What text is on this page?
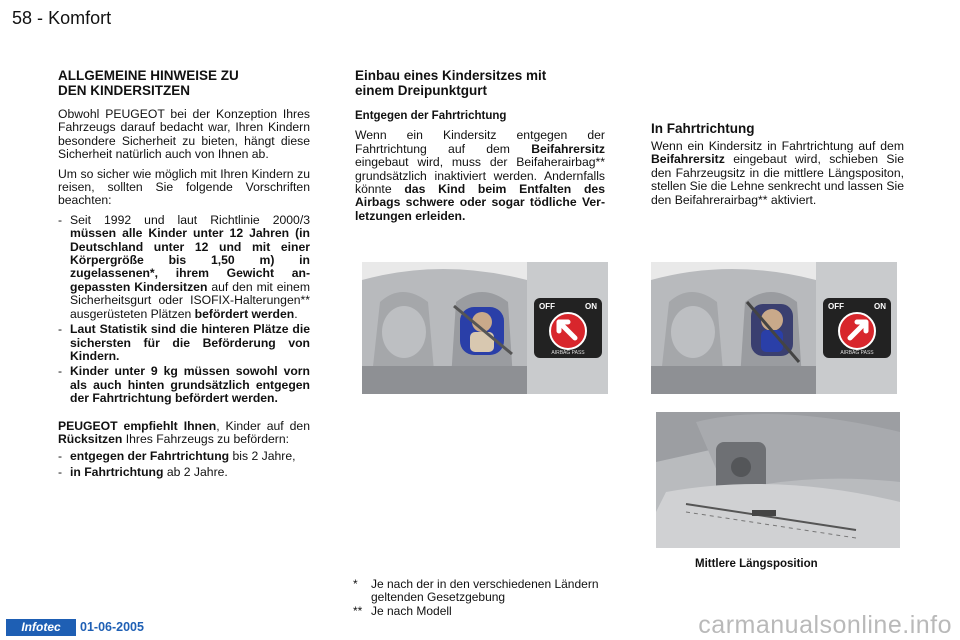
58 - Komfort
ALLGEMEINE HINWEISE ZU
DEN KINDERSITZEN

Obwohl PEUGEOT bei der Konzeption Ihres Fahrzeugs darauf bedacht war, Ihren Kindern besondere Sicherheit zu bieten, hängt diese Sicherheit natürlich auch von Ihnen ab.

Um so sicher wie möglich mit Ihren Kindern zu reisen, sollten Sie folgende Vorschriften beachten:

- Seit 1992 und laut Richtlinie 2000/3 müssen alle Kinder unter 12 Jahren (in Deutschland unter 12 und mit einer Körpergröße bis 1,50 m) in zugelassenen*, ihrem Gewicht angepassten Kindersitzen auf den mit einem Sicherheitsgurt oder ISOFIX-Halterungen** ausgerüsteten Plätzen befördert werden.
- Laut Statistik sind die hinteren Plätze die sichersten für die Beförderung von Kindern.
- Kinder unter 9 kg müssen sowohl vorn als auch hinten grundsätzlich entgegen der Fahrtrichtung befördert werden.

PEUGEOT empfiehlt Ihnen, Kinder auf den Rücksitzen Ihres Fahrzeugs zu befördern:

- entgegen der Fahrtrichtung bis 2 Jahre,
- in Fahrtrichtung ab 2 Jahre.
Einbau eines Kindersitzes mit
einem Dreipunktgurt
Entgegen der Fahrtrichtung

Wenn ein Kindersitz entgegen der Fahrtrichtung auf dem Beifahrersitz eingebaut wird, muss der Beifaherairbag** grundsätzlich inaktiviert werden. Andernfalls könnte das Kind beim Entfalten des Airbags schwere oder sogar tödliche Verletzungen erleiden.

In Fahrtrichtung

Wenn ein Kindersitz in Fahrtrichtung auf dem Beifahrersitz eingebaut wird, schieben Sie den Fahrzeugsitz in die mittlere Längspositon, stellen Sie die Lehne senkrecht und lassen Sie den Beifahrerairbag** aktiviert.

OFF	ON
AIRBAG PASS
OFF	ON
AIRBAG PASS
Mittlere Längsposition
* Je nach der in den verschiedenen Ländern geltenden Gesetzgebung
** Je nach Modell
Infotec	01-06-2005	carmanualsonline.info
